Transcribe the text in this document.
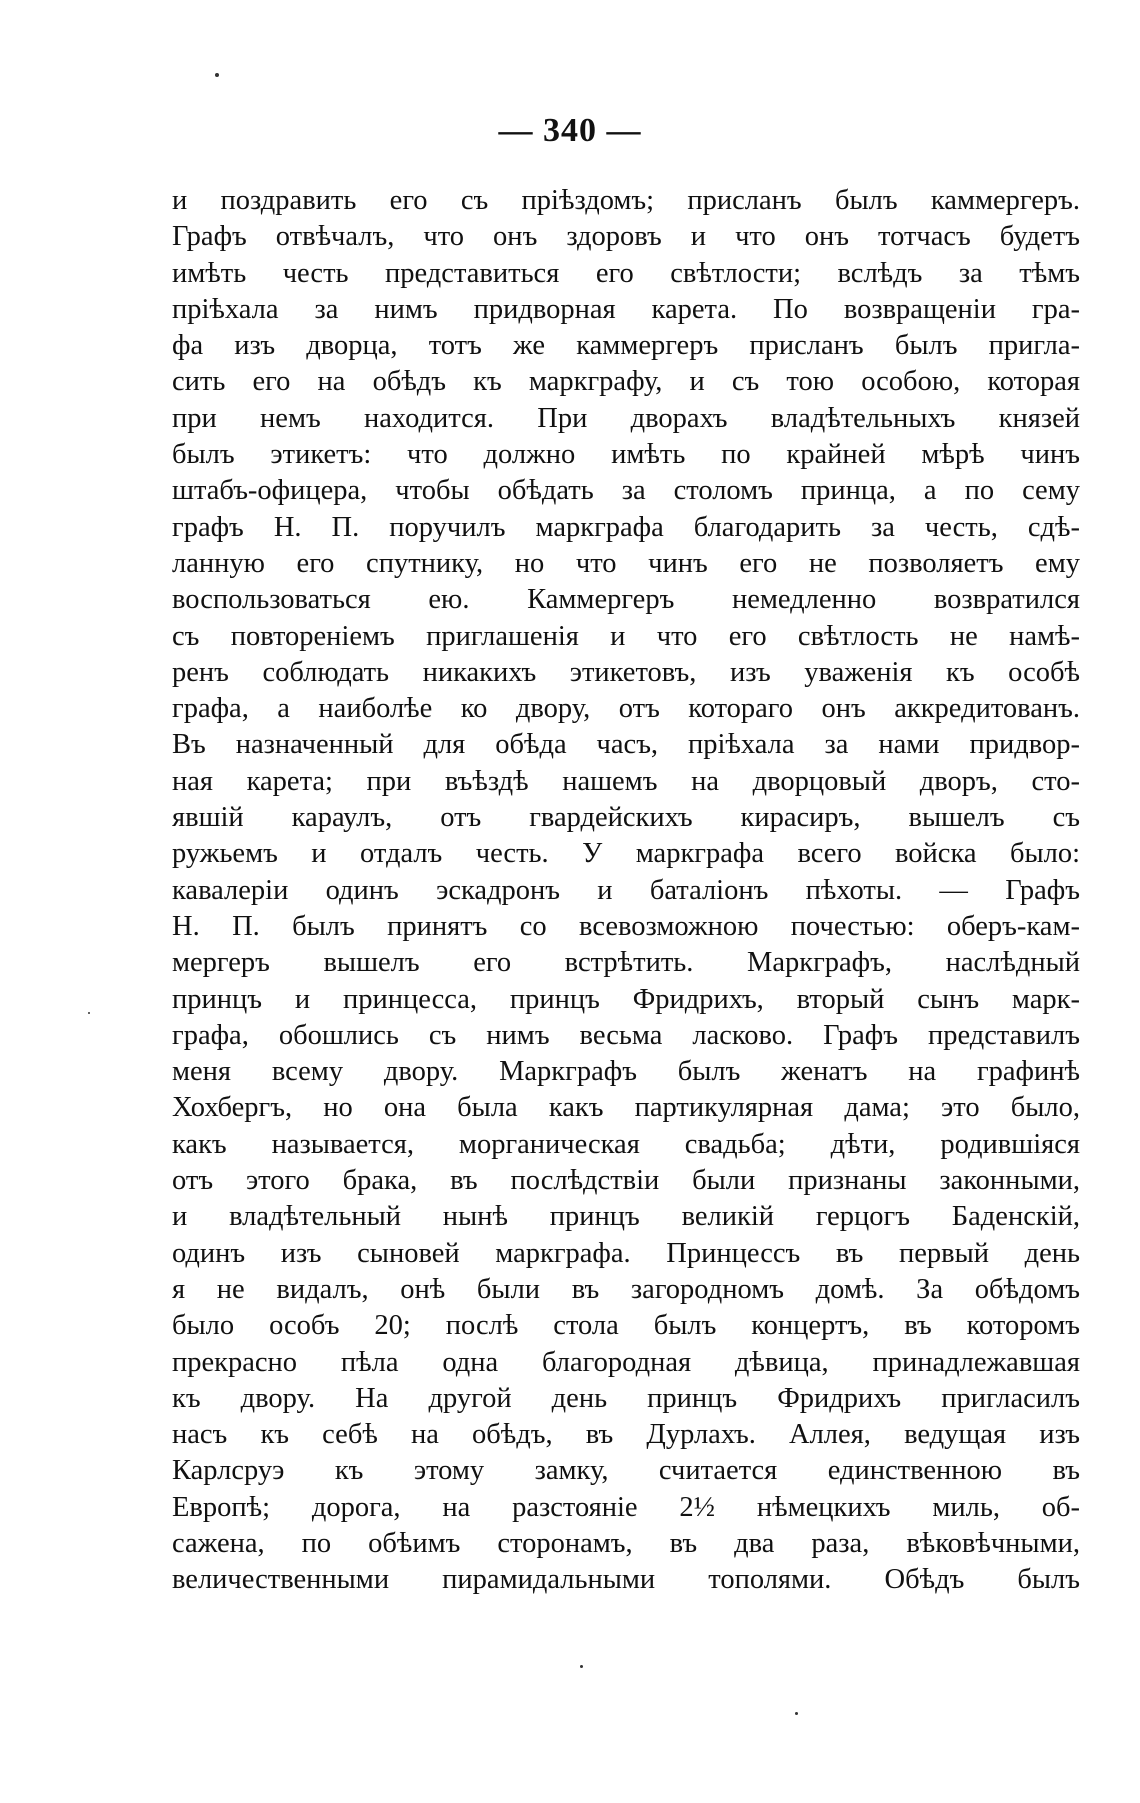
— 340 —
и поздравить его съ пріѣздомъ; присланъ былъ каммергеръ.
Графъ отвѣчалъ, что онъ здоровъ и что онъ тотчасъ будетъ
имѣть честь представиться его свѣтлости; вслѣдъ за тѣмъ
пріѣхала за нимъ придворная карета. По возвращеніи гра-
фа изъ дворца, тотъ же каммергеръ присланъ былъ пригла-
сить его на обѣдъ къ маркграфу, и съ тою особою, которая
при немъ находится. При дворахъ владѣтельныхъ князей
былъ этикетъ: что должно имѣть по крайней мѣрѣ чинъ
штабъ-офицера, чтобы обѣдать за столомъ принца, а по сему
графъ Н. П. поручилъ маркграфа благодарить за честь, сдѣ-
ланную его спутнику, но что чинъ его не позволяетъ ему
воспользоваться ею. Каммергеръ немедленно возвратился
съ повтореніемъ приглашенія и что его свѣтлость не намѣ-
ренъ соблюдать никакихъ этикетовъ, изъ уваженія къ особѣ
графа, а наиболѣе ко двору, отъ котораго онъ аккредитованъ.
Въ назначенный для обѣда часъ, пріѣхала за нами придвор-
ная карета; при въѣздѣ нашемъ на дворцовый дворъ, сто-
явшій караулъ, отъ гвардейскихъ кирасиръ, вышелъ съ
ружьемъ и отдалъ честь. У маркграфа всего войска было:
кавалеріи одинъ эскадронъ и баталіонъ пѣхоты. — Графъ
Н. П. былъ принятъ со всевозможною почестью: оберъ-кам-
мергеръ вышелъ его встрѣтить. Маркграфъ, наслѣдный
принцъ и принцесса, принцъ Фридрихъ, вторый сынъ марк-
графа, обошлись съ нимъ весьма ласково. Графъ представилъ
меня всему двору. Маркграфъ былъ женатъ на графинѣ
Хохбергъ, но она была какъ партикулярная дама; это было,
какъ называется, морганическая свадьба; дѣти, родившіяся
отъ этого брака, въ послѣдствіи были признаны законными,
и владѣтельный нынѣ принцъ великій герцогъ Баденскій,
одинъ изъ сыновей маркграфа. Принцессъ въ первый день
я не видалъ, онѣ были въ загородномъ домѣ. За обѣдомъ
было особъ 20; послѣ стола былъ концертъ, въ которомъ
прекрасно пѣла одна благородная дѣвица, принадлежавшая
къ двору. На другой день принцъ Фридрихъ пригласилъ
насъ къ себѣ на обѣдъ, въ Дурлахъ. Аллея, ведущая изъ
Карлсруэ къ этому замку, считается единственною въ
Европѣ; дорога, на разстояніе 2½ нѣмецкихъ миль, об-
сажена, по обѣимъ сторонамъ, въ два раза, вѣковѣчными,
величественными пирамидальными тополями. Обѣдъ былъ
